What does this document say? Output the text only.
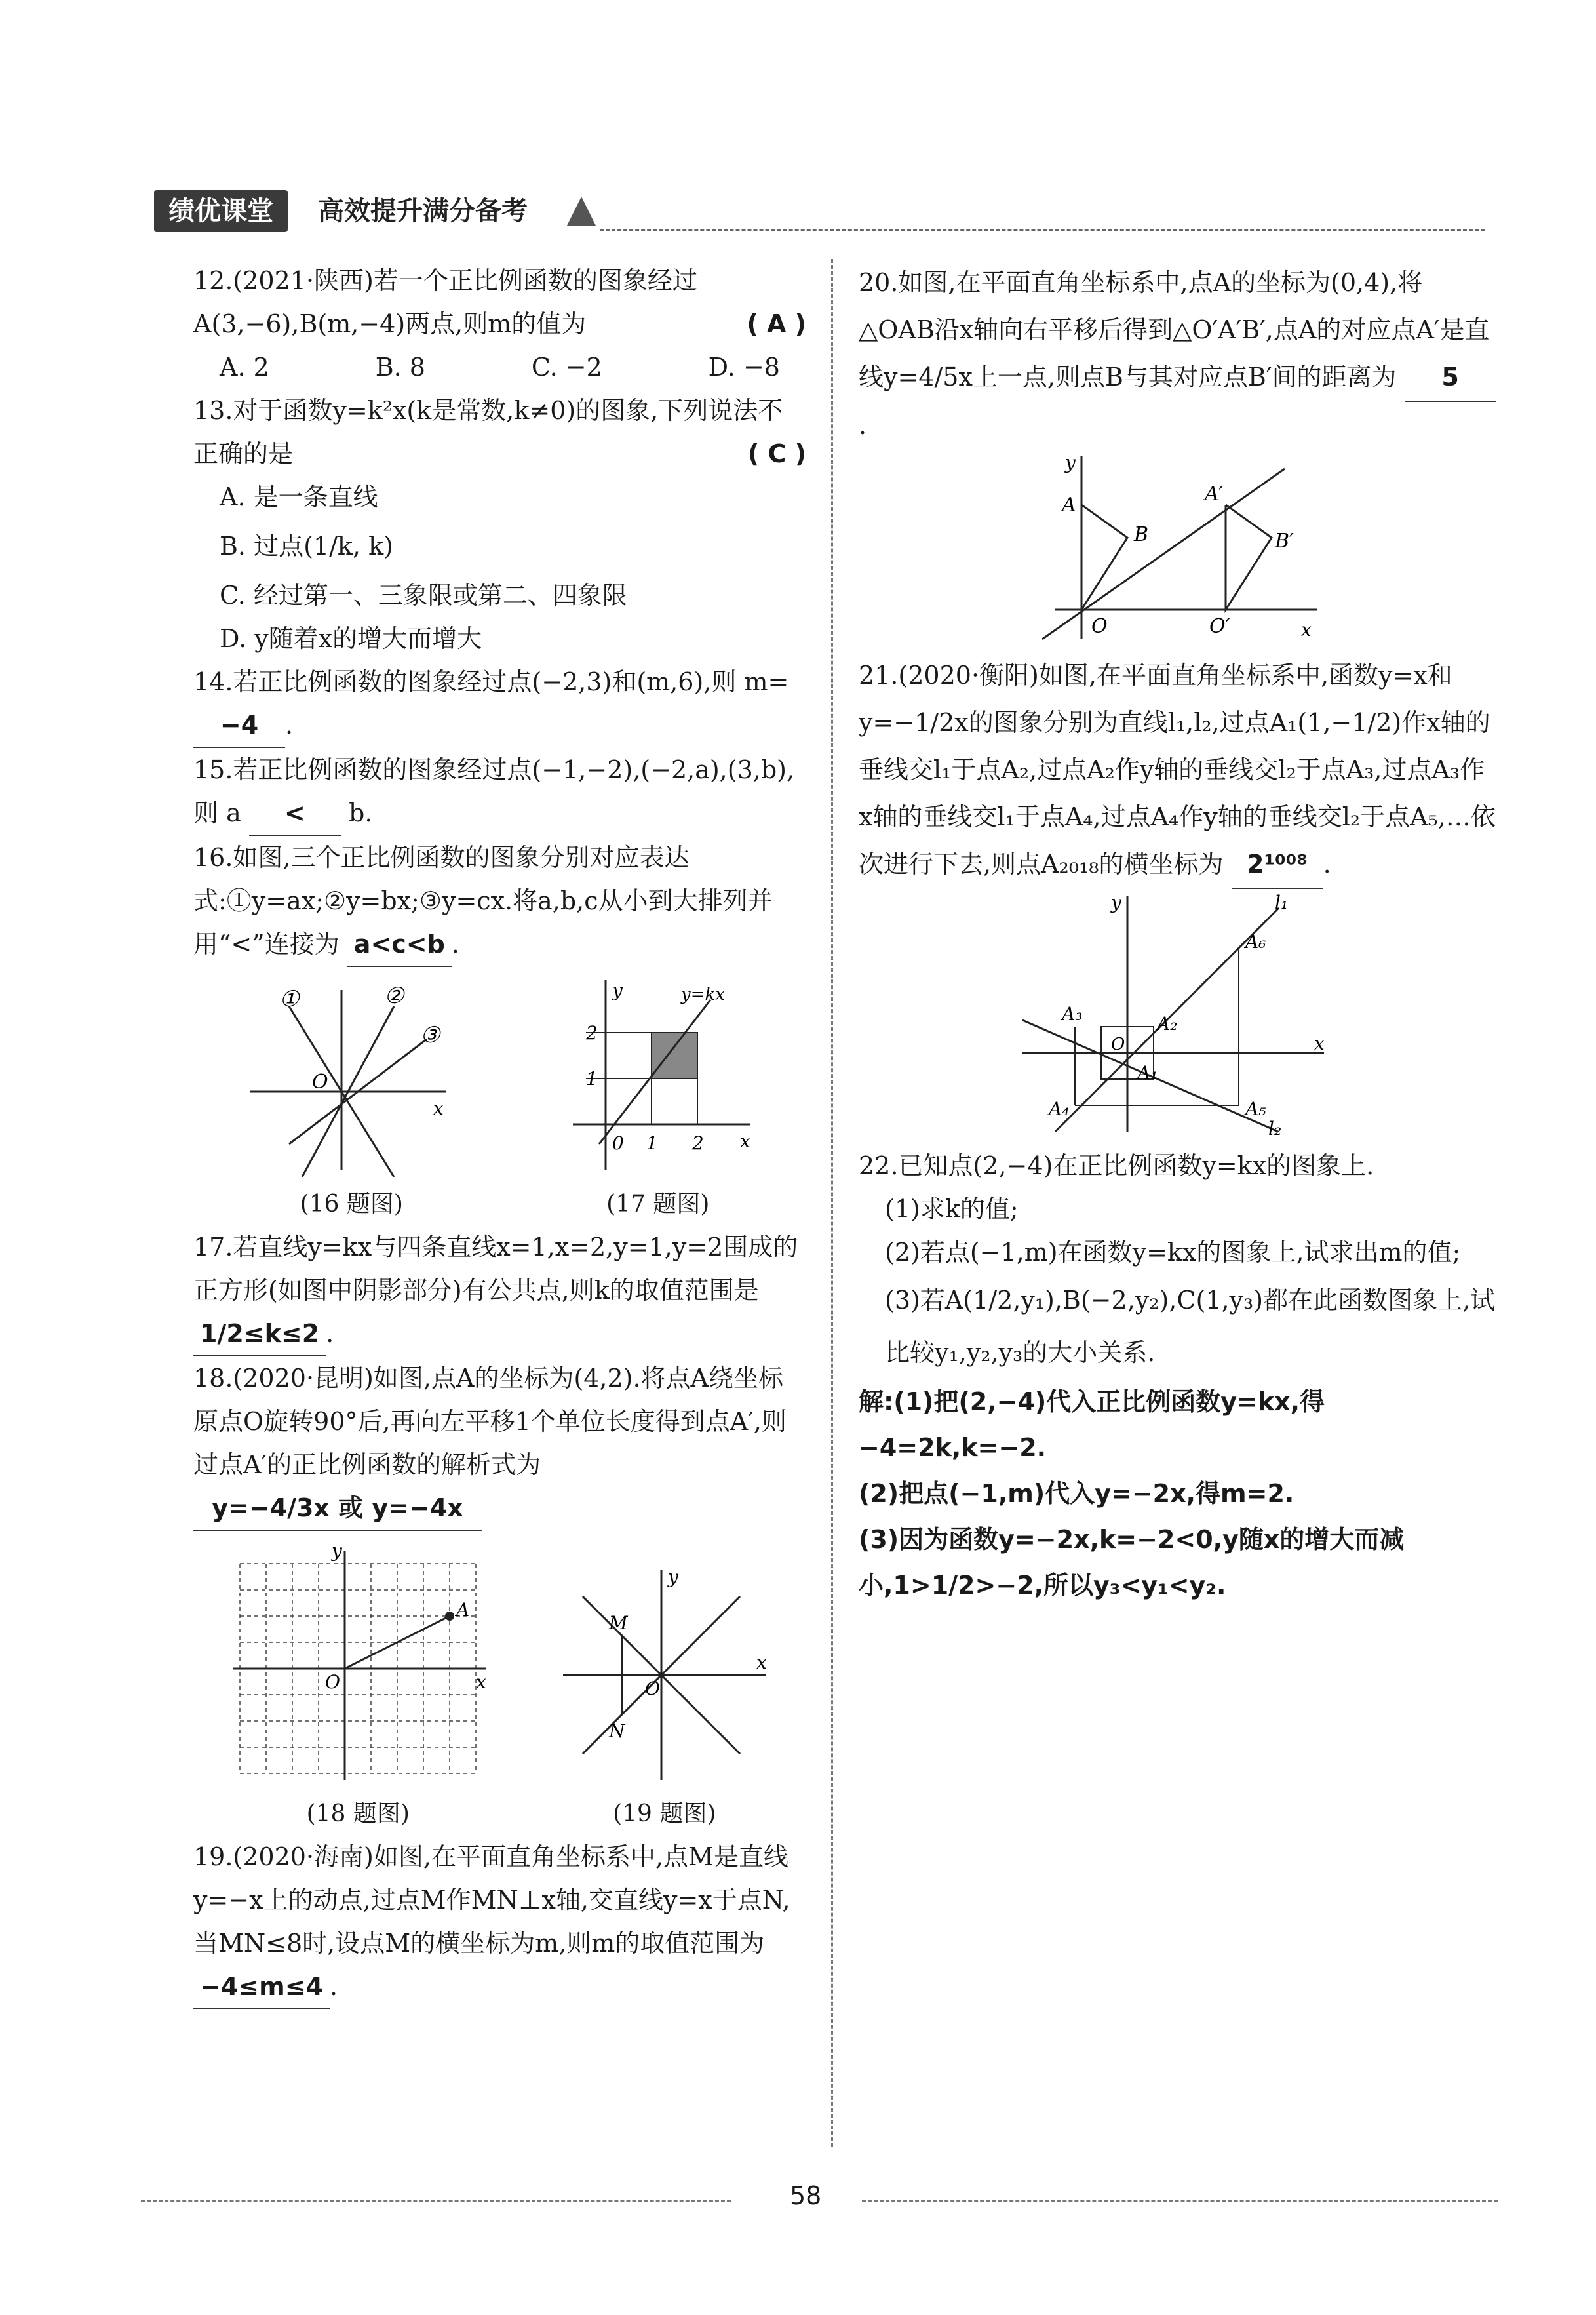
绩优课堂	高效提升满分备考

12.(2021·陕西)若一个正比例函数的图象经过A(3,−6),B(m,−4)两点,则m的值为	( A )

A. 2	B. 8	C. −2	D. −8

13.对于函数y=k²x(k是常数,k≠0)的图象,下列说法不正确的是	( C )

A. 是一条直线
B. 过点(1/k, k)
C. 经过第一、三象限或第二、四象限
D. y随着x的增大而增大

14.若正比例函数的图象经过点(−2,3)和(m,6),则 m= −4 .

15.若正比例函数的图象经过点(−1,−2),(−2,a),(3,b),则 a < b.

16.如图,三个正比例函数的图象分别对应表达式:①y=ax;②y=bx;③y=cx.将a,b,c从小到大排列并用“<”连接为 a<c<b .

①	②
③
O
x
(16 题图)
y
x
0 1 2
1
2
y=kx
(17 题图)

17.若直线y=kx与四条直线x=1,x=2,y=1,y=2围成的正方形(如图中阴影部分)有公共点,则k的取值范围是 1/2≤k≤2 .

18.(2020·昆明)如图,点A的坐标为(4,2).将点A绕坐标原点O旋转90°后,再向左平移1个单位长度得到点A′,则过点A′的正比例函数的解析式为

y=−4/3x 或 y=−4x

A
O	x
y
(18 题图)
M
N
O
x
y
(19 题图)

19.(2020·海南)如图,在平面直角坐标系中,点M是直线y=−x上的动点,过点M作MN⊥x轴,交直线y=x于点N,当MN≤8时,设点M的横坐标为m,则m的取值范围为 −4≤m≤4 .

20.如图,在平面直角坐标系中,点A的坐标为(0,4),将△OAB沿x轴向右平移后得到△O′A′B′,点A的对应点A′是直线y=4/5x上一点,则点B与其对应点B′间的距离为 5.

A
B
A′
B′
O	O′	x
y

21.(2020·衡阳)如图,在平面直角坐标系中,函数y=x和y=−1/2x的图象分别为直线l₁,l₂,过点A₁(1,−1/2)作x轴的垂线交l₁于点A₂,过点A₂作y轴的垂线交l₂于点A₃,过点A₃作x轴的垂线交l₁于点A₄,过点A₄作y轴的垂线交l₂于点A₅,…依次进行下去,则点A₂₀₁₈的横坐标为 2¹⁰⁰⁸ .

l₁
l₂
A₁
A₂
A₃
A₄	A₅
A₆
O	x
y

22.已知点(2,−4)在正比例函数y=kx的图象上.

(1)求k的值;
(2)若点(−1,m)在函数y=kx的图象上,试求出m的值;
(3)若A(1/2,y₁),B(−2,y₂),C(1,y₃)都在此函数图象上,试比较y₁,y₂,y₃的大小关系.
解:(1)把(2,−4)代入正比例函数y=kx,得−4=2k,k=−2.
(2)把点(−1,m)代入y=−2x,得m=2.
(3)因为函数y=−2x,k=−2<0,y随x的增大而减小,1>1/2>−2,所以y₃<y₁<y₂.
58
